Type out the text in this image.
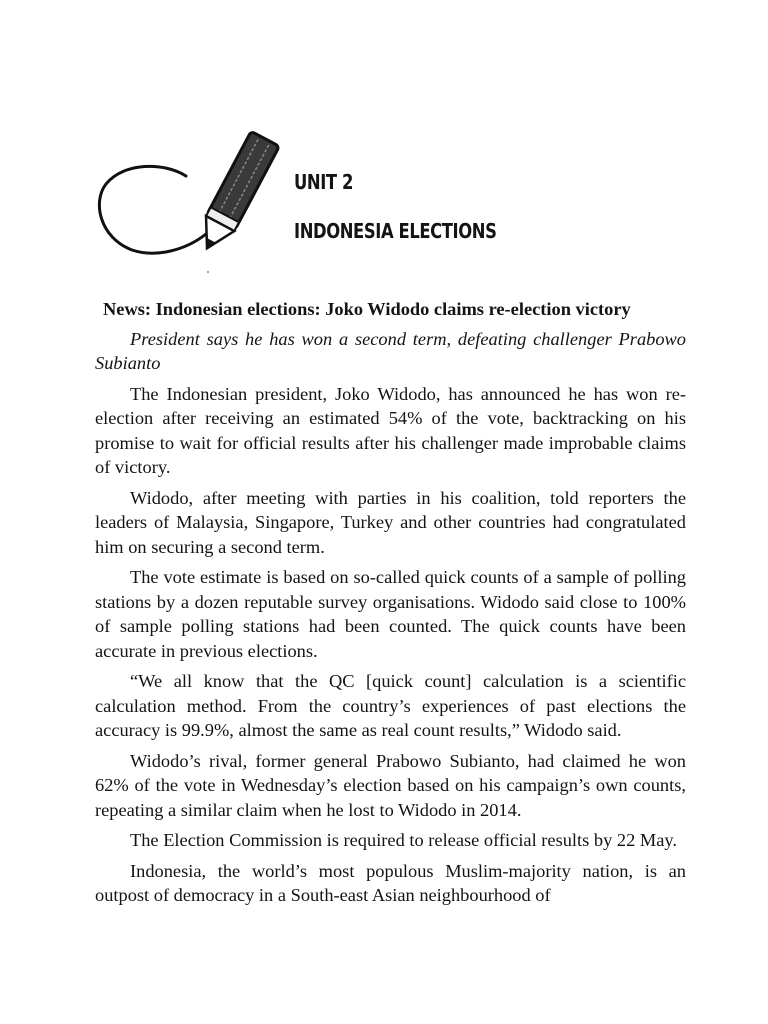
UNIT 2
INDONESIA ELECTIONS
News: Indonesian elections: Joko Widodo claims re-election victory
President says he has won a second term, defeating challenger Prabowo Subianto
The Indonesian president, Joko Widodo, has announced he has won re-election after receiving an estimated 54% of the vote, backtracking on his promise to wait for official results after his challenger made improbable claims of victory.
Widodo, after meeting with parties in his coalition, told reporters the leaders of Malaysia, Singapore, Turkey and other countries had congratulated him on securing a second term.
The vote estimate is based on so-called quick counts of a sample of polling stations by a dozen reputable survey organisations. Widodo said close to 100% of sample polling stations had been counted. The quick counts have been accurate in previous elections.
“We all know that the QC [quick count] calculation is a scientific calculation method. From the country’s experiences of past elections the accuracy is 99.9%, almost the same as real count results,” Widodo said.
Widodo’s rival, former general Prabowo Subianto, had claimed he won 62% of the vote in Wednesday’s election based on his campaign’s own counts, repeating a similar claim when he lost to Widodo in 2014.
The Election Commission is required to release official results by 22 May.
Indonesia, the world’s most populous Muslim-majority nation, is an outpost of democracy in a South-east Asian neighbourhood of
